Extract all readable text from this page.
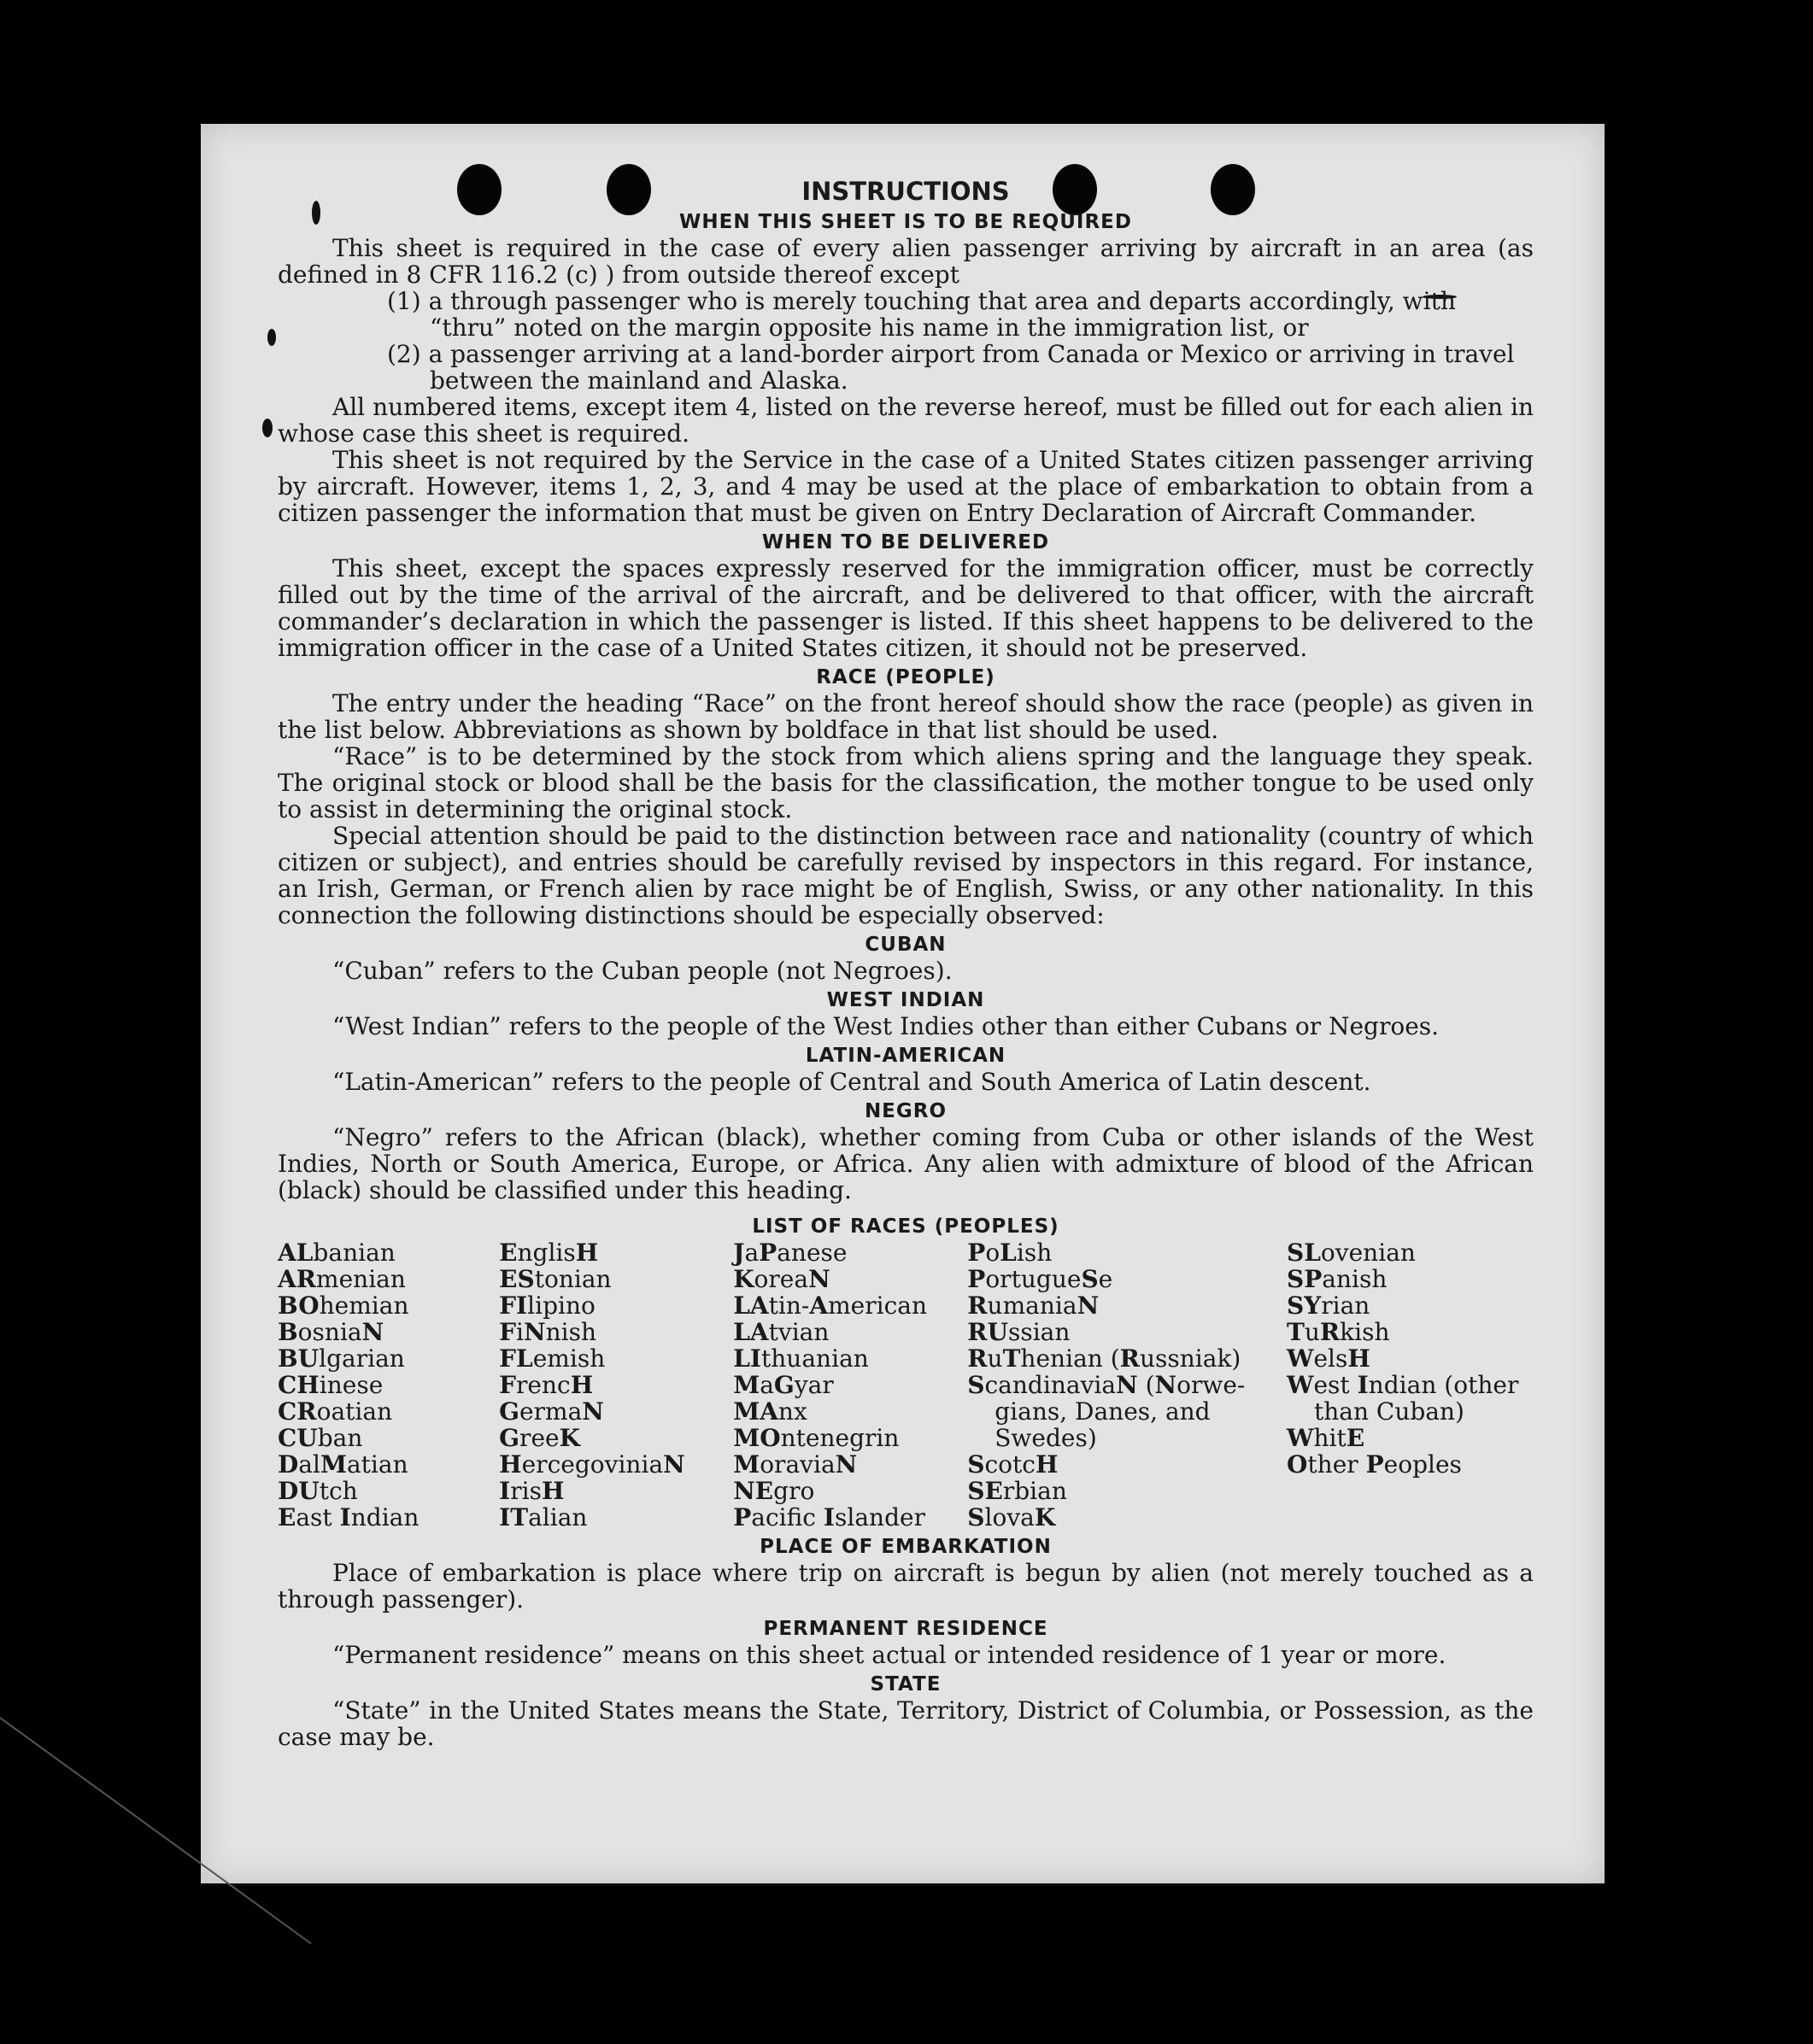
INSTRUCTIONS
WHEN THIS SHEET IS TO BE REQUIRED

This sheet is required in the case of every alien passenger arriving by aircraft in an area (as defined in 8 CFR 116.2 (c) ) from outside thereof except

(1) a through passenger who is merely touching that area and departs accordingly, with “thru” noted on the margin opposite his name in the immigration list, or

(2) a passenger arriving at a land-border airport from Canada or Mexico or arriving in travel between the mainland and Alaska.

All numbered items, except item 4, listed on the reverse hereof, must be filled out for each alien in whose case this sheet is required.

This sheet is not required by the Service in the case of a United States citizen passenger arriving by aircraft. However, items 1, 2, 3, and 4 may be used at the place of embarkation to obtain from a citizen passenger the information that must be given on Entry Declaration of Aircraft Commander.

WHEN TO BE DELIVERED

This sheet, except the spaces expressly reserved for the immigration officer, must be correctly filled out by the time of the arrival of the aircraft, and be delivered to that officer, with the aircraft commander’s declaration in which the passenger is listed. If this sheet happens to be delivered to the immigration officer in the case of a United States citizen, it should not be preserved.

RACE (PEOPLE)

The entry under the heading “Race” on the front hereof should show the race (people) as given in the list below. Abbreviations as shown by boldface in that list should be used.

“Race” is to be determined by the stock from which aliens spring and the language they speak. The original stock or blood shall be the basis for the classification, the mother tongue to be used only to assist in determining the original stock.

Special attention should be paid to the distinction between race and nationality (country of which citizen or subject), and entries should be carefully revised by inspectors in this regard. For instance, an Irish, German, or French alien by race might be of English, Swiss, or any other nationality. In this connection the following distinctions should be especially observed:

CUBAN

“Cuban” refers to the Cuban people (not Negroes).

WEST INDIAN

“West Indian” refers to the people of the West Indies other than either Cubans or Negroes.

LATIN-AMERICAN

“Latin-American” refers to the people of Central and South America of Latin descent.

NEGRO

“Negro” refers to the African (black), whether coming from Cuba or other islands of the West Indies, North or South America, Europe, or Africa. Any alien with admixture of blood of the African (black) should be classified under this heading.

LIST OF RACES (PEOPLES)
ALbanian
ARmenian
BOhemian
BosniaN
BUlgarian
CHinese
CRoatian
CUban
DalMatian
DUtch
East Indian
EnglisH
EStonian
FIlipino
FiNnish
FLemish
FrencH
GermaN
GreeK
HercegoviniaN
IrisH
ITalian
JaPanese
KoreaN
LAtin-American
LAtvian
LIthuanian
MaGyar
MAnx
MOntenegrin
MoraviaN
NEgro
Pacifc Islander
PoLish
PortugueSe
RumaniaN
RUssian
RuThenian (Russniak)
ScandinaviaN (Norwe-
gians, Danes, and
Swedes)
ScotcH
SErbian
SlovaK
SLovenian
SPanish
SYrian
TuRkish
WelsH
West Indian (other
than Cuban)
WhitE
Other Peoples
PLACE OF EMBARKATION

Place of embarkation is place where trip on aircraft is begun by alien (not merely touched as a through passenger).

PERMANENT RESIDENCE

“Permanent residence” means on this sheet actual or intended residence of 1 year or more.

STATE

“State” in the United States means the State, Territory, District of Columbia, or Possession, as the case may be.
